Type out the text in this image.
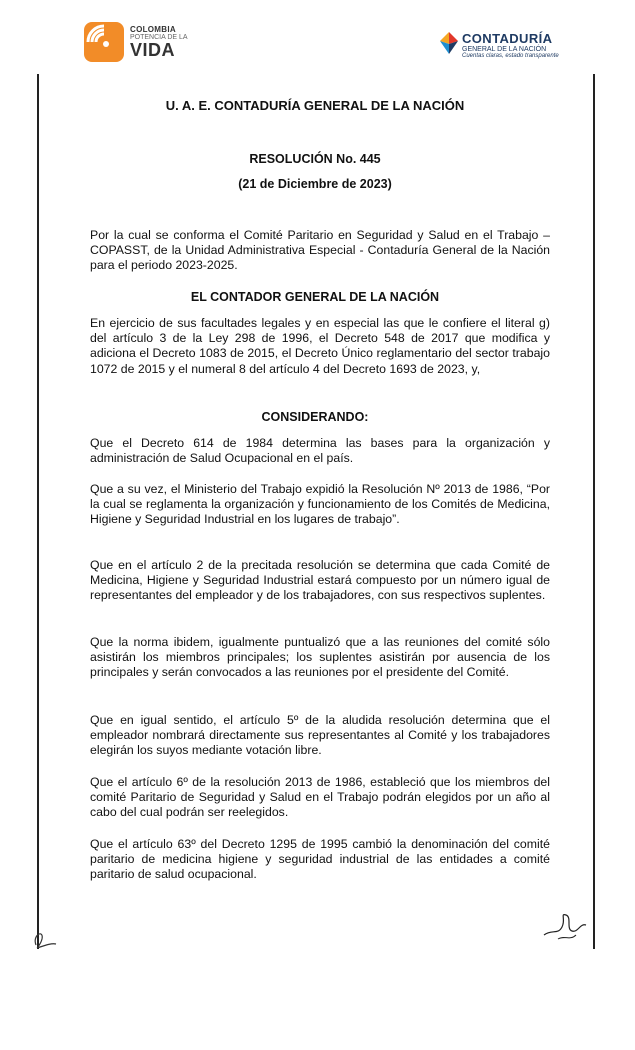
COLOMBIA
POTENCIA DE LA
VIDA
CONTADURÍA
GENERAL DE LA NACIÓN
Cuentas claras, estado transparente
U. A. E. CONTADURÍA GENERAL DE LA NACIÓN
RESOLUCIÓN No. 445
(21 de Diciembre de 2023)
Por la cual se conforma el Comité Paritario en Seguridad y Salud en el Trabajo – COPASST, de la Unidad Administrativa Especial - Contaduría General de la Nación para el periodo 2023-2025.
EL CONTADOR GENERAL DE LA NACIÓN
En ejercicio de sus facultades legales y en especial las que le confiere el literal g) del artículo 3 de la Ley 298 de 1996, el Decreto 548 de 2017 que modifica y adiciona el Decreto 1083 de 2015, el Decreto Único reglamentario del sector trabajo 1072 de 2015 y el numeral 8 del artículo 4 del Decreto 1693 de 2023, y,
CONSIDERANDO:
Que el Decreto 614 de 1984 determina las bases para la organización y administración de Salud Ocupacional en el país.
Que a su vez, el Ministerio del Trabajo expidió la Resolución Nº 2013 de 1986, “Por la cual se reglamenta la organización y funcionamiento de los Comités de Medicina, Higiene y Seguridad Industrial en los lugares de trabajo”.
Que en el artículo 2 de la precitada resolución se determina que cada Comité de Medicina, Higiene y Seguridad Industrial estará compuesto por un número igual de representantes del empleador y de los trabajadores, con sus respectivos suplentes.
Que la norma ibidem, igualmente puntualizó que a las reuniones del comité sólo asistirán los miembros principales; los suplentes asistirán por ausencia de los principales y serán convocados a las reuniones por el presidente del Comité.
Que en igual sentido, el artículo 5º de la aludida resolución determina que el empleador nombrará directamente sus representantes al Comité y los trabajadores elegirán los suyos mediante votación libre.
Que el artículo 6º de la resolución 2013 de 1986, estableció que los miembros del comité Paritario de Seguridad y Salud en el Trabajo podrán elegidos por un año al cabo del cual podrán ser reelegidos.
Que el artículo 63º del Decreto 1295 de 1995 cambió la denominación del comité paritario de medicina higiene y seguridad industrial de las entidades a comité paritario de salud ocupacional.
